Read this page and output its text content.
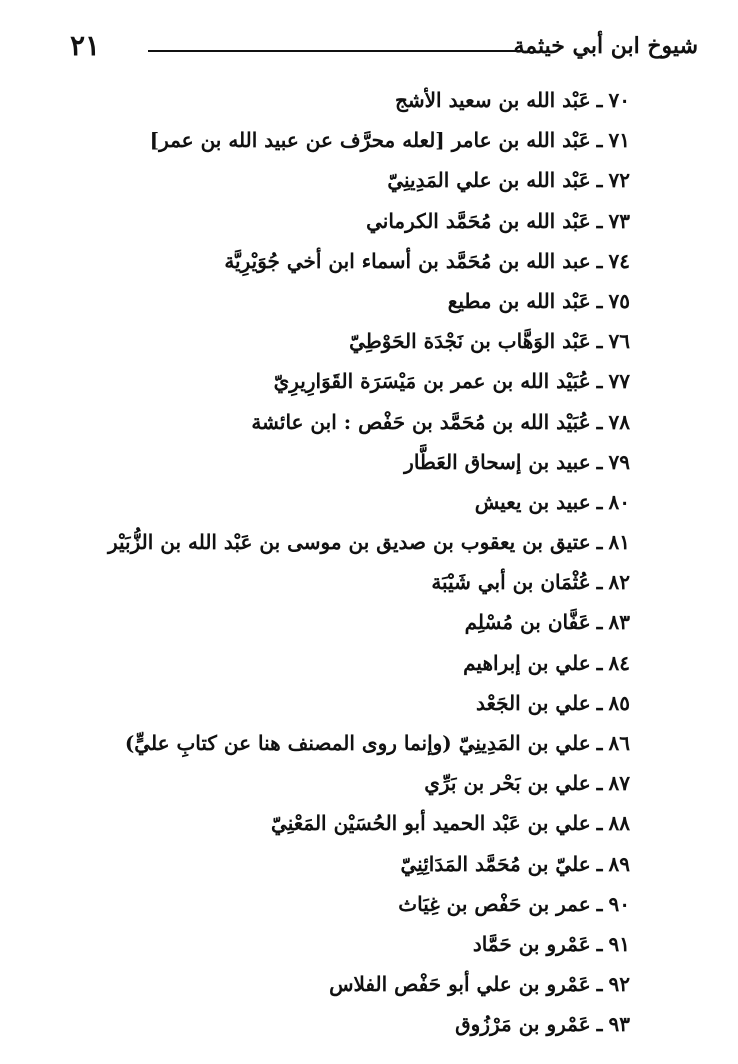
٢١	شيوخ ابن أبي خيثمة
٧٠ـعَبْد الله بن سعيد الأشج
٧١ـعَبْد الله بن عامر [لعله محرَّف عن عبيد الله بن عمر]
٧٢ـعَبْد الله بن علي المَدِينِيّ
٧٣ـعَبْد الله بن مُحَمَّد الكرماني
٧٤ـعبد الله بن مُحَمَّد بن أسماء ابن أخي جُوَيْرِيَّة
٧٥ـعَبْد الله بن مطيع
٧٦ـعَبْد الوَهَّاب بن نَجْدَة الحَوْطِيّ
٧٧ـعُبَيْد الله بن عمر بن مَيْسَرَة القَوَارِيرِيّ
٧٨ـعُبَيْد الله بن مُحَمَّد بن حَفْص : ابن عائشة
٧٩ـعبيد بن إسحاق العَطَّار
٨٠ـعبيد بن يعيش
٨١ـعتيق بن يعقوب بن صديق بن موسى بن عَبْد الله بن الزُّبَيْر
٨٢ـعُثْمَان بن أبي شَيْبَة
٨٣ـعَفَّان بن مُسْلِم
٨٤ـعلي بن إبراهيم
٨٥ـعلي بن الجَعْد
٨٦ـعلي بن المَدِينِيّ (وإنما روى المصنف هنا عن كتابِ عليٍّ)
٨٧ـعلي بن بَحْر بن بَرِّي
٨٨ـعلي بن عَبْد الحميد أبو الحُسَيْن المَعْنِيّ
٨٩ـعليّ بن مُحَمَّد المَدَائِنِيّ
٩٠ـعمر بن حَفْص بن غِيَاث
٩١ـعَمْرو بن حَمَّاد
٩٢ـعَمْرو بن علي أبو حَفْص الفلاس
٩٣ـعَمْرو بن مَرْزُوق
